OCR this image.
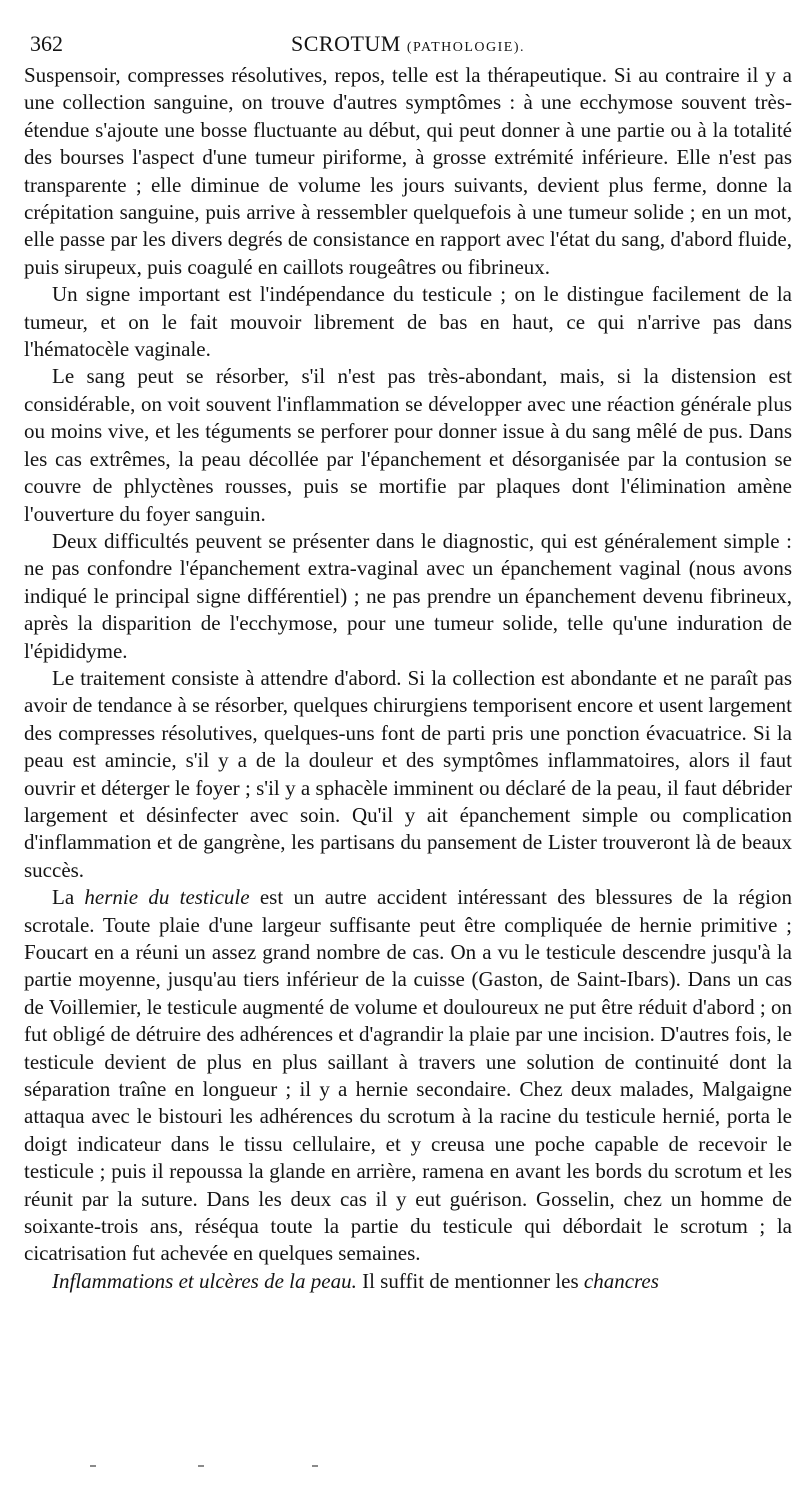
362	SCROTUM (PATHOLOGIE).

Suspensoir, compresses résolutives, repos, telle est la thérapeutique. Si au contraire il y a une collection sanguine, on trouve d'autres symptômes : à une ecchymose souvent très-étendue s'ajoute une bosse fluctuante au début, qui peut donner à une partie ou à la totalité des bourses l'aspect d'une tumeur piriforme, à grosse extrémité inférieure. Elle n'est pas transparente ; elle diminue de volume les jours suivants, devient plus ferme, donne la crépitation sanguine, puis arrive à ressembler quelquefois à une tumeur solide ; en un mot, elle passe par les divers degrés de consistance en rapport avec l'état du sang, d'abord fluide, puis sirupeux, puis coagulé en caillots rougeâtres ou fibrineux.

Un signe important est l'indépendance du testicule ; on le distingue facilement de la tumeur, et on le fait mouvoir librement de bas en haut, ce qui n'arrive pas dans l'hématocèle vaginale.

Le sang peut se résorber, s'il n'est pas très-abondant, mais, si la distension est considérable, on voit souvent l'inflammation se développer avec une réaction générale plus ou moins vive, et les téguments se perforer pour donner issue à du sang mêlé de pus. Dans les cas extrêmes, la peau décollée par l'épanchement et désorganisée par la contusion se couvre de phlyctènes rousses, puis se mortifie par plaques dont l'élimination amène l'ouverture du foyer sanguin.

Deux difficultés peuvent se présenter dans le diagnostic, qui est généralement simple : ne pas confondre l'épanchement extra-vaginal avec un épanchement vaginal (nous avons indiqué le principal signe différentiel) ; ne pas prendre un épanchement devenu fibrineux, après la disparition de l'ecchymose, pour une tumeur solide, telle qu'une induration de l'épididyme.

Le traitement consiste à attendre d'abord. Si la collection est abondante et ne paraît pas avoir de tendance à se résorber, quelques chirurgiens temporisent encore et usent largement des compresses résolutives, quelques-uns font de parti pris une ponction évacuatrice. Si la peau est amincie, s'il y a de la douleur et des symptômes inflammatoires, alors il faut ouvrir et déterger le foyer ; s'il y a sphacèle imminent ou déclaré de la peau, il faut débrider largement et désinfecter avec soin. Qu'il y ait épanchement simple ou complication d'inflammation et de gangrène, les partisans du pansement de Lister trouveront là de beaux succès.

La hernie du testicule est un autre accident intéressant des blessures de la région scrotale. Toute plaie d'une largeur suffisante peut être compliquée de hernie primitive ; Foucart en a réuni un assez grand nombre de cas. On a vu le testicule descendre jusqu'à la partie moyenne, jusqu'au tiers inférieur de la cuisse (Gaston, de Saint-Ibars). Dans un cas de Voillemier, le testicule augmenté de volume et douloureux ne put être réduit d'abord ; on fut obligé de détruire des adhérences et d'agrandir la plaie par une incision. D'autres fois, le testicule devient de plus en plus saillant à travers une solution de continuité dont la séparation traîne en longueur ; il y a hernie secondaire. Chez deux malades, Malgaigne attaqua avec le bistouri les adhérences du scrotum à la racine du testicule hernié, porta le doigt indicateur dans le tissu cellulaire, et y creusa une poche capable de recevoir le testicule ; puis il repoussa la glande en arrière, ramena en avant les bords du scrotum et les réunit par la suture. Dans les deux cas il y eut guérison. Gosselin, chez un homme de soixante-trois ans, réséqua toute la partie du testicule qui débordait le scrotum ; la cicatrisation fut achevée en quelques semaines.

Inflammations et ulcères de la peau. Il suffit de mentionner les chancres
